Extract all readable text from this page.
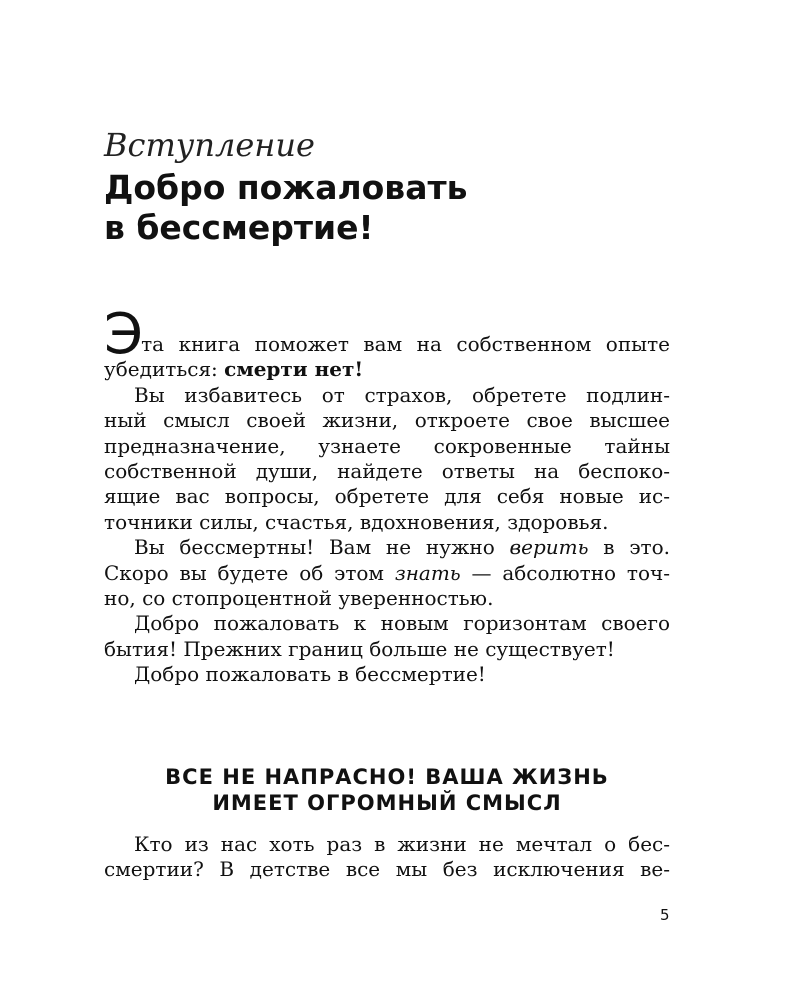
Вступление
Добро пожаловать
в бессмертие!
Эта книга поможет вам на собственном опыте
убедиться: смерти нет!
Вы избавитесь от страхов, обретете подлин-
ный смысл своей жизни, откроете свое высшее
предназначение, узнаете сокровенные тайны
собственной души, найдете ответы на беспоко-
ящие вас вопросы, обретете для себя новые ис-
точники силы, счастья, вдохновения, здоровья.
Вы бессмертны! Вам не нужно верить в это.
Скоро вы будете об этом знать — абсолютно точ-
но, со стопроцентной уверенностью.
Добро пожаловать к новым горизонтам своего
бытия! Прежних границ больше не существует!
Добро пожаловать в бессмертие!
ВСЕ НЕ НАПРАСНО! ВАША ЖИЗНЬ
ИМЕЕТ ОГРОМНЫЙ СМЫСЛ
Кто из нас хоть раз в жизни не мечтал о бес-
смертии? В детстве все мы без исключения ве-
5
